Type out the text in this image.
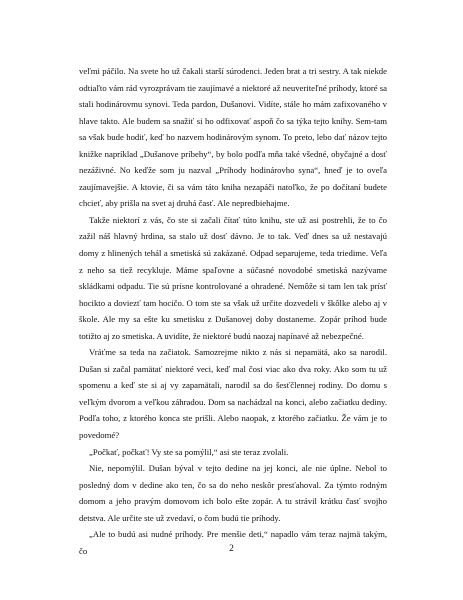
veľmi páčilo. Na svete ho už čakali starší súrodenci. Jeden brat a tri sestry. A tak niekde odtiaľto vám rád vyrozprávam tie zaujímavé a niektoré až neuveriteľné príhody, ktoré sa stali hodinárovmu synovi. Teda pardon, Dušanovi. Vidíte, stále ho mám zafixovaného v hlave takto. Ale budem sa snažiť si ho odfixovať aspoň čo sa týka tejto knihy. Sem-tam sa však bude hodiť, keď ho nazvem hodinárovým synom. To preto, lebo dať názov tejto knižke napríklad „Dušanove príbehy“, by bolo podľa mňa také všedné, obyčajné a dosť nezáživné. No keďže som ju nazval „Príhody hodinárovho syna“, hneď je to oveľa zaujímavejšie. A ktovie, či sa vám táto kniha nezapáči natoľko, že po dočítaní budete chcieť, aby prišla na svet aj druhá časť. Ale nepredbiehajme.

Takže niektorí z vás, čo ste si začali čítať túto knihu, ste už asi postrehli, že to čo zažil náš hlavný hrdina, sa stalo už dosť dávno. Je to tak. Veď dnes sa už nestavajú domy z hlinených tehál a smetiská sú zakázané. Odpad separujeme, teda triedime. Veľa z neho sa tiež recykluje. Máme spaľovne a súčasné novodobé smetiská nazývame skládkami odpadu. Tie sú prísne kontrolované a ohradené. Nemôže si tam len tak prísť hocikto a doviezť tam hocičo. O tom ste sa však už určite dozvedeli v škôlke alebo aj v škole. Ale my sa ešte ku smetisku z Dušanovej doby dostaneme. Zopár príhod bude totižto aj zo smetiska. A uvidíte, že niektoré budú naozaj napínavé až nebezpečné.

Vráťme sa teda na začiatok. Samozrejme nikto z nás si nepamätá, ako sa narodil. Dušan si začal pamätať niektoré veci, keď mal čosi viac ako dva roky. Ako som tu už spomenu a keď ste si aj vy zapamätali, narodil sa do šesťčlennej rodiny. Do domu s veľkým dvorom a veľkou záhradou. Dom sa nachádzal na konci, alebo začiatku dediny. Podľa toho, z ktorého konca ste prišli. Alebo naopak, z ktorého začiatku. Že vám je to povedomé?

„Počkať, počkať! Vy ste sa pomýlil,“ asi ste teraz zvolali.

Nie, nepomýlil. Dušan býval v tejto dedine na jej konci, ale nie úplne. Nebol to posledný dom v dedine ako ten, čo sa do neho neskôr presťahoval. Za týmto rodným domom a jeho pravým domovom ich bolo ešte zopár. A tu strávil krátku časť svojho detstva. Ale určite ste už zvedaví, o čom budú tie príhody.

„Ale to budú asi nudné príhody. Pre menšie deti,“ napadlo vám teraz najmä takým, čo	2
